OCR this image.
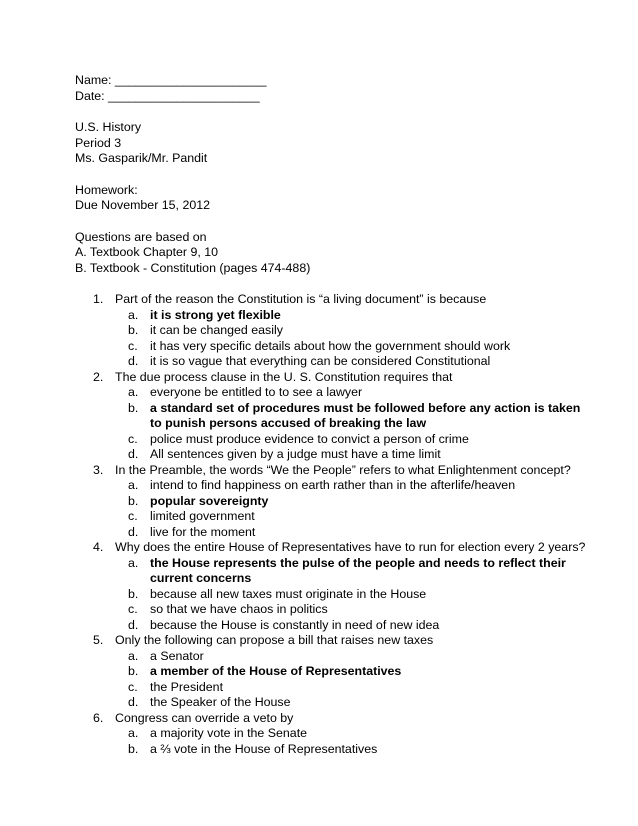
Name: ______________________
Date: ______________________
U.S. History
Period 3
Ms. Gasparik/Mr. Pandit
Homework:
Due November 15, 2012
Questions are based on
A. Textbook Chapter 9, 10
B. Textbook - Constitution (pages 474-488)
1. Part of the reason the Constitution is “a living document” is because
a. it is strong yet flexible
b. it can be changed easily
c. it has very specific details about how the government should work
d. it is so vague that everything can be considered Constitutional
2. The due process clause in the U. S. Constitution requires that
a. everyone be entitled to to see a lawyer
b. a standard set of procedures must be followed before any action is taken to punish persons accused of breaking the law
c. police must produce evidence to convict a person of crime
d. All sentences given by a judge must have a time limit
3. In the Preamble, the words “We the People” refers to what Enlightenment concept?
a. intend to find happiness on earth rather than in the afterlife/heaven
b. popular sovereignty
c. limited government
d. live for the moment
4. Why does the entire House of Representatives have to run for election every 2 years?
a. the House represents the pulse of the people and needs to reflect their current concerns
b. because all new taxes must originate in the House
c. so that we have chaos in politics
d. because the House is constantly in need of new idea
5. Only the following can propose a bill that raises new taxes
a. a Senator
b. a member of the House of Representatives
c. the President
d. the Speaker of the House
6. Congress can override a veto by
a. a majority vote in the Senate
b. a ⅔ vote in the House of Representatives
